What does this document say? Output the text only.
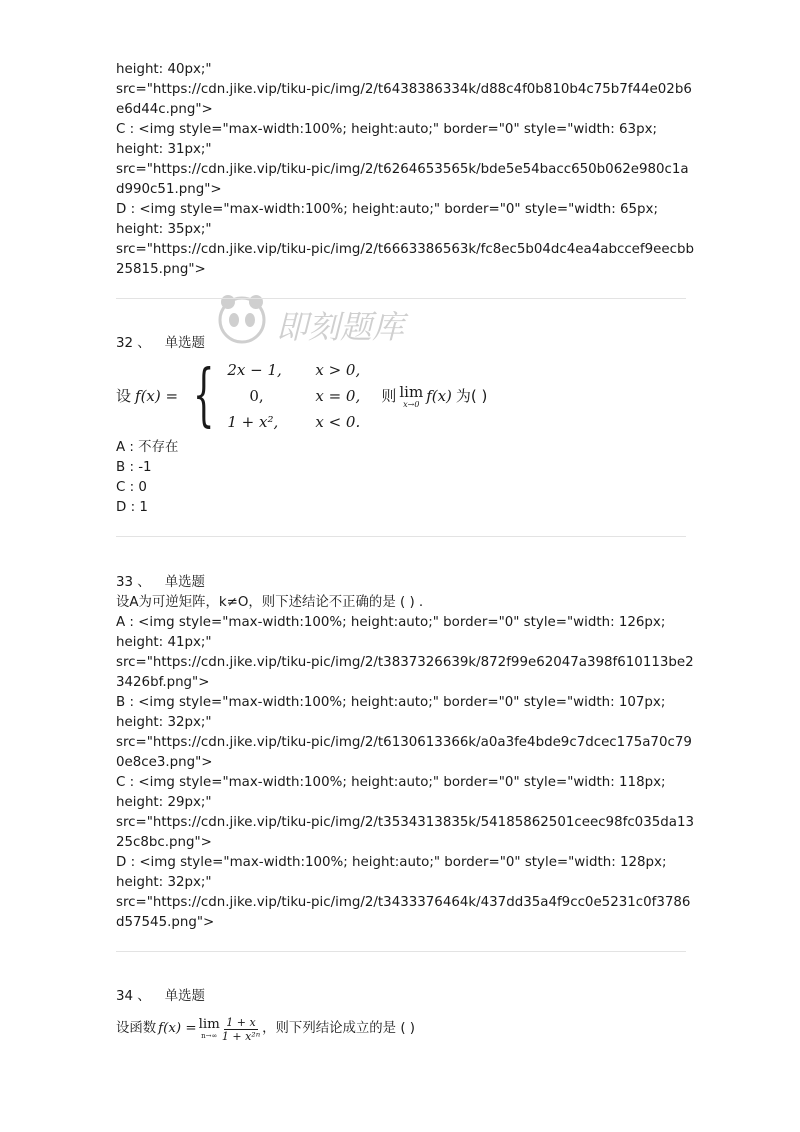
即刻题库
height: 40px;"
src="https://cdn.jike.vip/tiku-pic/img/2/t6438386334k/d88c4f0b810b4c75b7f44e02b6
e6d44c.png">
C : <img style="max-width:100%; height:auto;" border="0" style="width: 63px;
height: 31px;"
src="https://cdn.jike.vip/tiku-pic/img/2/t6264653565k/bde5e54bacc650b062e980c1a
d990c51.png">
D : <img style="max-width:100%; height:auto;" border="0" style="width: 65px;
height: 35px;"
src="https://cdn.jike.vip/tiku-pic/img/2/t6663386563k/fc8ec5b04dc4ea4abccef9eecbb
25815.png">
32 、 单选题
设 f(x) = { 2x − 1,	x > 0,
0,	x = 0,
1 + x²,	x < 0.
则 lim
x→0 f(x) 为( )
A : 不存在
B : -1
C : 0
D : 1
33 、 单选题
设A为可逆矩阵，k≠O，则下述结论不正确的是 ( ) .
A : <img style="max-width:100%; height:auto;" border="0" style="width: 126px;
height: 41px;"
src="https://cdn.jike.vip/tiku-pic/img/2/t3837326639k/872f99e62047a398f610113be2
3426bf.png">
B : <img style="max-width:100%; height:auto;" border="0" style="width: 107px;
height: 32px;"
src="https://cdn.jike.vip/tiku-pic/img/2/t6130613366k/a0a3fe4bde9c7dcec175a70c79
0e8ce3.png">
C : <img style="max-width:100%; height:auto;" border="0" style="width: 118px;
height: 29px;"
src="https://cdn.jike.vip/tiku-pic/img/2/t3534313835k/54185862501ceec98fc035da13
25c8bc.png">
D : <img style="max-width:100%; height:auto;" border="0" style="width: 128px;
height: 32px;"
src="https://cdn.jike.vip/tiku-pic/img/2/t3433376464k/437dd35a4f9cc0e5231c0f3786
d57545.png">
34 、 单选题
设函数 f(x) = lim
$n\to\infty \frac{1 + x}{\text{1 + x²ⁿ}}$ ，则下列结论成立的是 ( )
